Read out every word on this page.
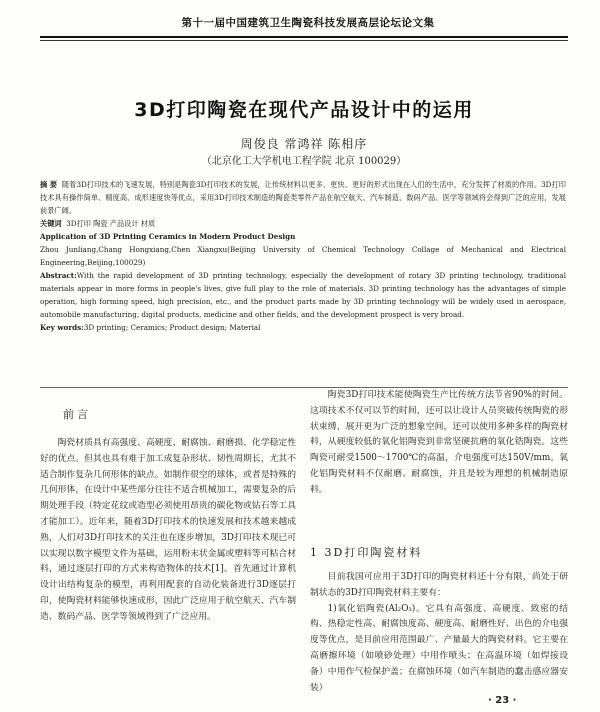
第十一届中国建筑卫生陶瓷科技发展高层论坛论文集
3D打印陶瓷在现代产品设计中的运用
周俊良 常鸿祥 陈相序
（北京化工大学机电工程学院 北京 100029）

摘 要 随着3D打印技术的飞速发展，特别是陶瓷3D打印技术的发展，让传统材料以更多、更快、更好的形式出现在人们的生活中，充分发挥了材质的作用。3D打印技术具有操作简单、精度高、成形速度快等优点，采用3D打印技术制造的陶瓷类零件产品在航空航天、汽车制造、数码产品、医学等领域将会得到广泛的应用，发展前景广阔。

关键词 3D打印 陶瓷 产品设计 材质

Application of 3D Printing Ceramics in Modern Product Design

Zhou Junliang,Chang Hongxiang,Chen Xiangxu(Beijing University of Chemical Technology Collage of Mechanical and Electrical Engineering,Beijing,100029)

Abstract:With the rapid development of 3D printing technology, especially the development of rotary 3D printing technology, traditional materials appear in more forms in people's lives, give full play to the role of materials. 3D printing technology has the advantages of simple operation, high forming speed, high precision, etc., and the product parts made by 3D printing technology will be widely used in aerospace, automobile manufacturing, digital products, medicine and other fields, and the development prospect is very broad.

Key words:3D printing; Ceramics; Product design; Material

前言

陶瓷材质具有高强度、高硬度、耐腐蚀、耐磨损、化学稳定性好的优点。但其也具有难于加工成复杂形状、韧性周期长，尤其不适合制作复杂几何形体的缺点。如制作很空的球体，或者是特殊的几何形体，在设计中某些部分往往不适合机械加工，需要复杂的后期处理手段（特定花纹或造型必须使用昂贵的碳化物或钻石等工具才能加工）。近年来，随着3D打印技术的快速发展和技术越来越成熟，人们对3D打印技术的关注也在逐步增加，3D打印技术现已可以实现以数字模型文件为基础，运用粉末状金属或塑料等可粘合材料，通过逐层打印的方式来构造物体的技术[1]。首先通过计算机设计出结构复杂的模型，再利用配套的自动化装备进行3D逐层打印，使陶瓷材料能够快速成形，因此广泛应用于航空航天、汽车制造、数码产品、医学等领域得到了广泛应用。

陶瓷3D打印技术能使陶瓷生产比传统方法节省90%的时间。这项技术不仅可以节约时间，还可以让设计人员突破传统陶瓷的形状束缚，展开更为广泛的想象空间，还可以使用多种多样的陶瓷材料，从硬度较低的氧化铝陶瓷到非常坚硬抗磨的氧化锆陶瓷。这些陶瓷可耐受1500～1700℃的高温，介电强度可达150V/mm。氧化铝陶瓷材料不仅耐磨、耐腐蚀，并且是较为理想的机械制造原料。

1 3D打印陶瓷材料

目前我国可应用于3D打印的陶瓷材料还十分有限，尚处于研制状态的3D打印陶瓷材料主要有：

1)氧化铝陶瓷(Al₂O₃)。它具有高强度、高硬度、致密的结构、热稳定性高、耐腐蚀度高、硬度高、耐磨性好、出色的介电强度等优点，是目前应用范围最广、产量最大的陶瓷材料。它主要在高磨擦环境（如喷砂处理）中用作喷头；在高温环境（如焊接设备）中用作气检保护盖；在腐蚀环境（如汽车制造的蠢击感应器安装）

· 23 ·
